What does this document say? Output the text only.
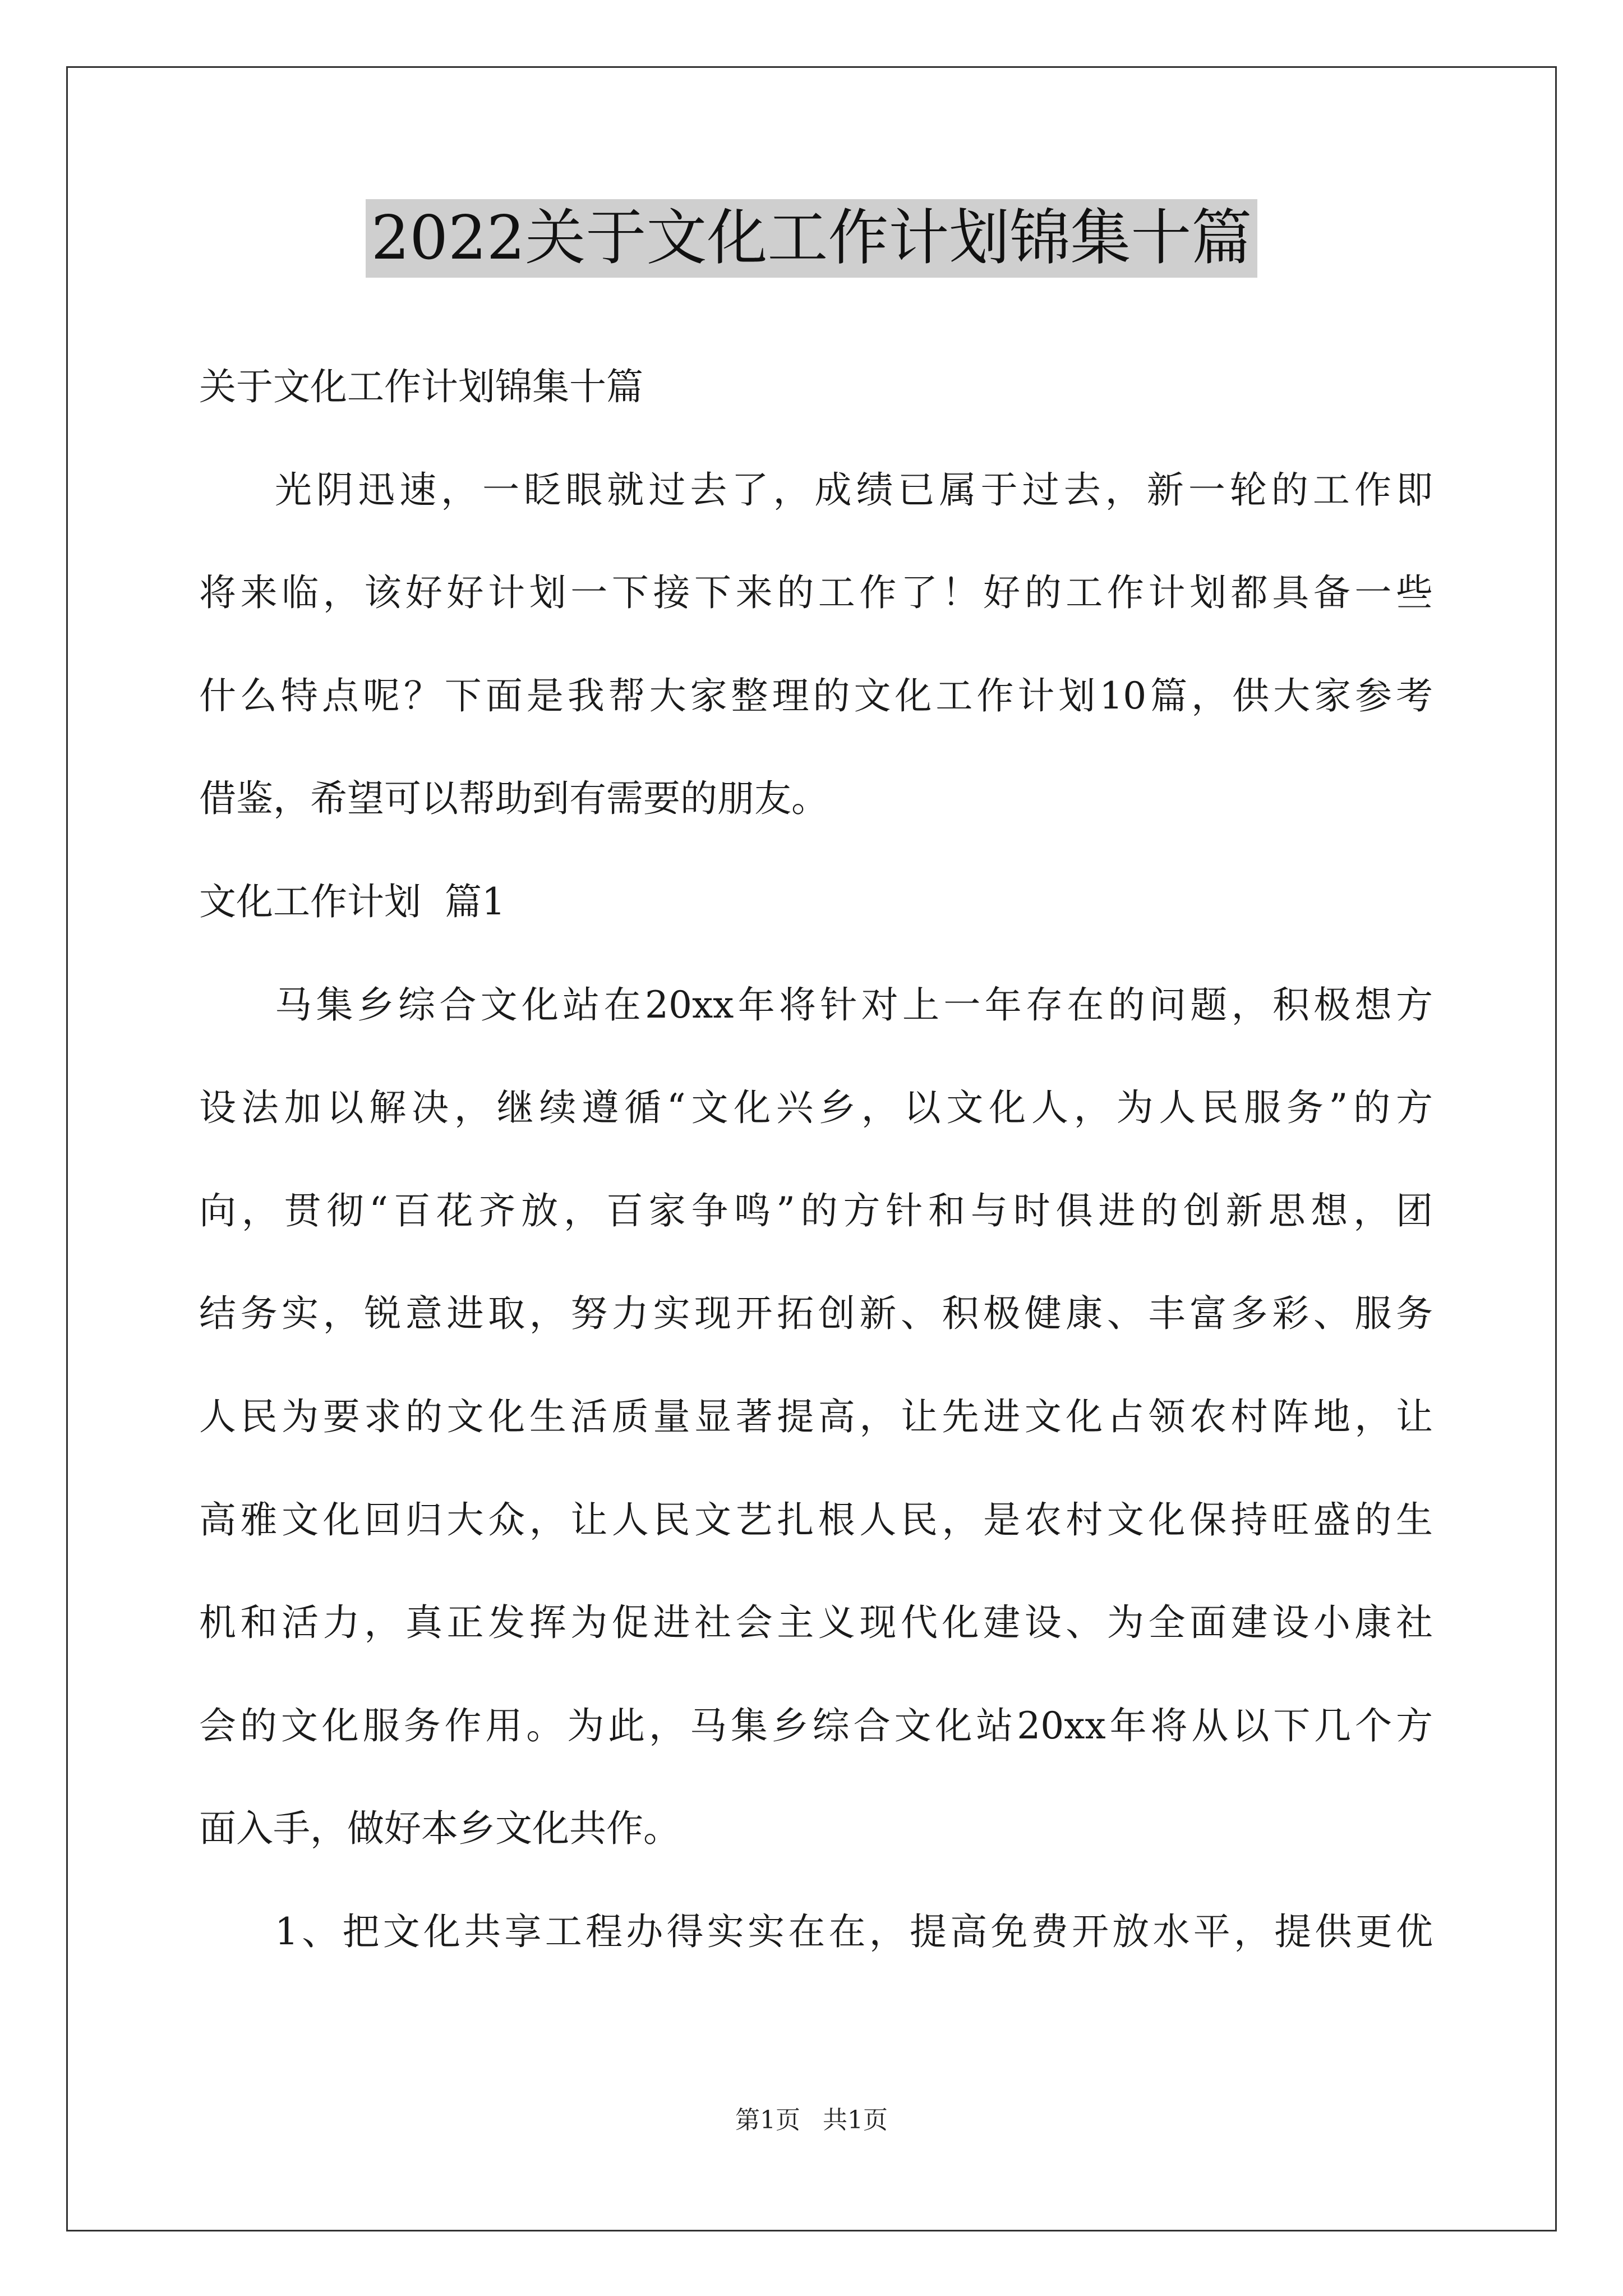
2022关于文化工作计划锦集十篇
关于文化工作计划锦集十篇
光阴迅速，一眨眼就过去了，成绩已属于过去，新一轮的工作即
将来临，该好好计划一下接下来的工作了！好的工作计划都具备一些
什么特点呢？下面是我帮大家整理的文化工作计划10篇，供大家参考
借鉴，希望可以帮助到有需要的朋友。
文化工作计划  篇1
马集乡综合文化站在20xx年将针对上一年存在的问题，积极想方
设法加以解决，继续遵循“文化兴乡，以文化人，为人民服务”的方
向，贯彻“百花齐放，百家争鸣”的方针和与时俱进的创新思想，团
结务实，锐意进取，努力实现开拓创新、积极健康、丰富多彩、服务
人民为要求的文化生活质量显著提高，让先进文化占领农村阵地，让
高雅文化回归大众，让人民文艺扎根人民，是农村文化保持旺盛的生
机和活力，真正发挥为促进社会主义现代化建设、为全面建设小康社
会的文化服务作用。为此，马集乡综合文化站20xx年将从以下几个方
面入手，做好本乡文化共作。
1、把文化共享工程办得实实在在，提高免费开放水平，提供更优
第1页 共1页
